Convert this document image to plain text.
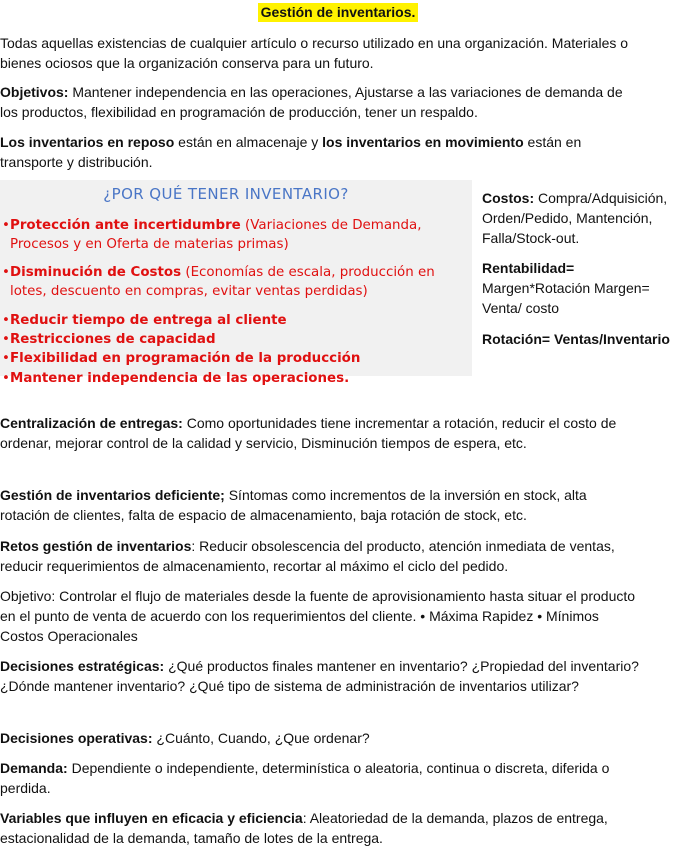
Gestión de inventarios.

Todas aquellas existencias de cualquier artículo o recurso utilizado en una organización. Materiales o bienes ociosos que la organización conserva para un futuro.

Objetivos: Mantener independencia en las operaciones, Ajustarse a las variaciones de demanda de los productos, flexibilidad en programación de producción, tener un respaldo.

Los inventarios en reposo están en almacenaje y los inventarios en movimiento están en transporte y distribución.

¿POR QUÉ TENER INVENTARIO?

•Protección ante incertidumbre (Variaciones de Demanda,
Procesos y en Oferta de materias primas)

•Disminución de Costos (Economías de escala, producción en
lotes, descuento en compras, evitar ventas perdidas)

•Reducir tiempo de entrega al cliente

•Restricciones de capacidad

•Flexibilidad en programación de la producción

•Mantener independencia de las operaciones.

Costos: Compra/Adquisición, Orden/Pedido, Mantención, Falla/Stock-out.

Rentabilidad=
Margen*Rotación Margen= Venta/ costo

Rotación= Ventas/Inventario

Centralización de entregas: Como oportunidades tiene incrementar a rotación, reducir el costo de ordenar, mejorar control de la calidad y servicio, Disminución tiempos de espera, etc.

Gestión de inventarios deficiente; Síntomas como incrementos de la inversión en stock, alta rotación de clientes, falta de espacio de almacenamiento, baja rotación de stock, etc.

Retos gestión de inventarios: Reducir obsolescencia del producto, atención inmediata de ventas, reducir requerimientos de almacenamiento, recortar al máximo el ciclo del pedido.

Objetivo: Controlar el flujo de materiales desde la fuente de aprovisionamiento hasta situar el producto en el punto de venta de acuerdo con los requerimientos del cliente. • Máxima Rapidez • Mínimos Costos Operacionales

Decisiones estratégicas: ¿Qué productos finales mantener en inventario? ¿Propiedad del inventario? ¿Dónde mantener inventario? ¿Qué tipo de sistema de administración de inventarios utilizar?

Decisiones operativas: ¿Cuánto, Cuando, ¿Que ordenar?

Demanda: Dependiente o independiente, determinística o aleatoria, continua o discreta, diferida o perdida.

Variables que influyen en eficacia y eficiencia: Aleatoriedad de la demanda, plazos de entrega, estacionalidad de la demanda, tamaño de lotes de la entrega.
